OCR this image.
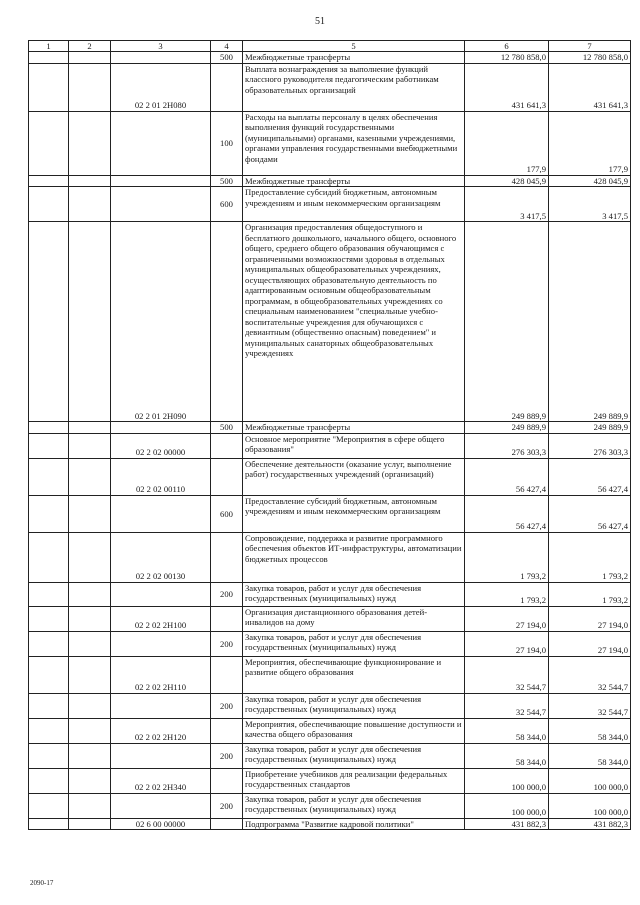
51
1	2	3	4	5	6	7
			500	Межбюджетные трансферты	12 780 858,0	12 780 858,0
		02 2 01 2Н080		Выплата вознаграждения за выполнение функций классного руководителя педагогическим работникам образовательных организаций	431 641,3	431 641,3
			100	Расходы на выплаты персоналу в целях обеспечения выполнения функций государственными (муниципальными) органами, казенными учреждениями, органами управления государственными внебюджетными фондами	177,9	177,9
			500	Межбюджетные трансферты	428 045,9	428 045,9
			600	Предоставление субсидий бюджетным, автономным учреждениям и иным некоммерческим организациям	3 417,5	3 417,5
		02 2 01 2Н090		Организация предоставления общедоступного и бесплатного дошкольного, начального общего, основного общего, среднего общего образования обучающимся с ограниченными возможностями здоровья в отдельных муниципальных общеобразовательных учреждениях, осуществляющих образовательную деятельность по адаптированным основным общеобразовательным программам, в общеобразовательных учреждениях со специальным наименованием "специальные учебно-воспитательные учреждения для обучающихся с девиантным (общественно опасным) поведением" и муниципальных санаторных общеобразовательных учреждениях	249 889,9	249 889,9
			500	Межбюджетные трансферты	249 889,9	249 889,9
		02 2 02 00000		Основное мероприятие "Мероприятия в сфере общего образования"	276 303,3	276 303,3
		02 2 02 00110		Обеспечение деятельности (оказание услуг, выполнение работ) государственных учреждений (организаций)	56 427,4	56 427,4
			600	Предоставление субсидий бюджетным, автономным учреждениям и иным некоммерческим организациям	56 427,4	56 427,4
		02 2 02 00130		Сопровождение, поддержка и развитие программного обеспечения объектов ИТ-инфраструктуры, автоматизации бюджетных процессов	1 793,2	1 793,2
			200	Закупка товаров, работ и услуг для обеспечения государственных (муниципальных) нужд	1 793,2	1 793,2
		02 2 02 2Н100		Организация дистанционного образования детей-инвалидов на дому	27 194,0	27 194,0
			200	Закупка товаров, работ и услуг для обеспечения государственных (муниципальных) нужд	27 194,0	27 194,0
		02 2 02 2Н110		Мероприятия, обеспечивающие функционирование и развитие общего образования	32 544,7	32 544,7
			200	Закупка товаров, работ и услуг для обеспечения государственных (муниципальных) нужд	32 544,7	32 544,7
		02 2 02 2Н120		Мероприятия, обеспечивающие повышение доступности и качества общего образования	58 344,0	58 344,0
			200	Закупка товаров, работ и услуг для обеспечения государственных (муниципальных) нужд	58 344,0	58 344,0
		02 2 02 2Н340		Приобретение учебников для реализации федеральных государственных стандартов	100 000,0	100 000,0
			200	Закупка товаров, работ и услуг для обеспечения государственных (муниципальных) нужд	100 000,0	100 000,0
		02 6 00 00000		Подпрограмма "Развитие кадровой политики"	431 882,3	431 882,3
2090-17
